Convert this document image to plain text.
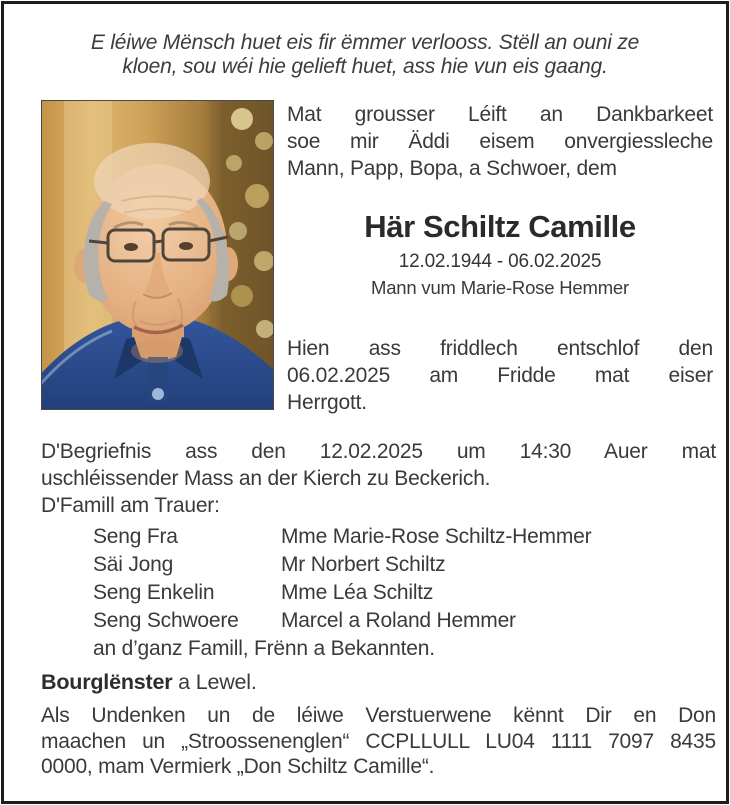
E léiwe Mënsch huet eis fir ëmmer verlooss. Stëll an ouni ze
kloen, sou wéi hie gelieft huet, ass hie vun eis gaang.
Mat grousser Léift an Dankbarkeet
soe mir Äddi eisem onvergiessleche
Mann, Papp, Bopa, a Schwoer, dem
Här Schiltz Camille
12.02.1944 - 06.02.2025
Mann vum Marie-Rose Hemmer
Hien ass friddlech entschlof den
06.02.2025 am Fridde mat eiser
Herrgott.
D'Begriefnis ass den 12.02.2025 um 14:30 Auer mat
uschléissender Mass an der Kierch zu Beckerich.
D'Famill am Trauer:
Seng Fra	Mme Marie-Rose Schiltz-Hemmer
Säi Jong	Mr Norbert Schiltz
Seng Enkelin	Mme Léa Schiltz
Seng Schwoere	Marcel a Roland Hemmer
an d’ganz Famill, Frënn a Bekannten.
Bourglënster a Lewel.
Als Undenken un de léiwe Verstuerwene kënnt Dir en Don
maachen un „Stroossenenglen“ CCPLLULL LU04 1111 7097 8435
0000, mam Vermierk „Don Schiltz Camille“.
